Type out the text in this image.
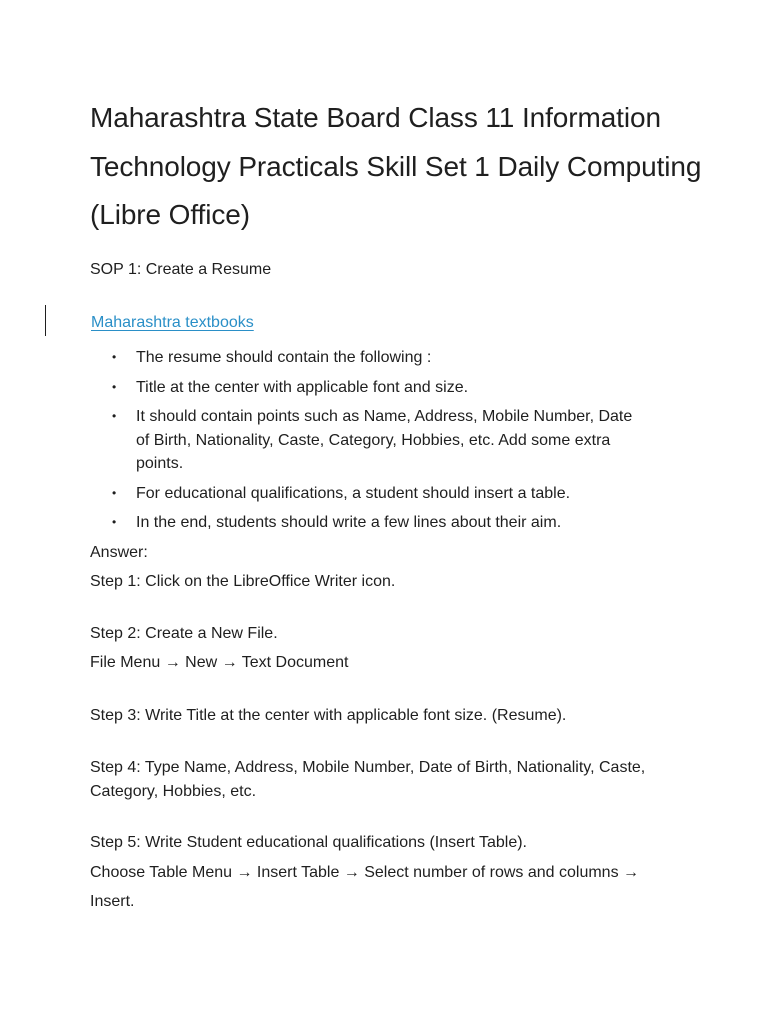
Maharashtra State Board Class 11 Information Technology Practicals Skill Set 1 Daily Computing (Libre Office)

SOP 1: Create a Resume

Maharashtra textbooks
• The resume should contain the following :
• Title at the center with applicable font and size.
• It should contain points such as Name, Address, Mobile Number, Date of Birth, Nationality, Caste, Category, Hobbies, etc. Add some extra points.
• For educational qualifications, a student should insert a table.
• In the end, students should write a few lines about their aim.

Answer:

Step 1: Click on the LibreOffice Writer icon.

Step 2: Create a New File.

File Menu → New → Text Document

Step 3: Write Title at the center with applicable font size. (Resume).

Step 4: Type Name, Address, Mobile Number, Date of Birth, Nationality, Caste, Category, Hobbies, etc.

Step 5: Write Student educational qualifications (Insert Table).

Choose Table Menu → Insert Table → Select number of rows and columns →

Insert.
